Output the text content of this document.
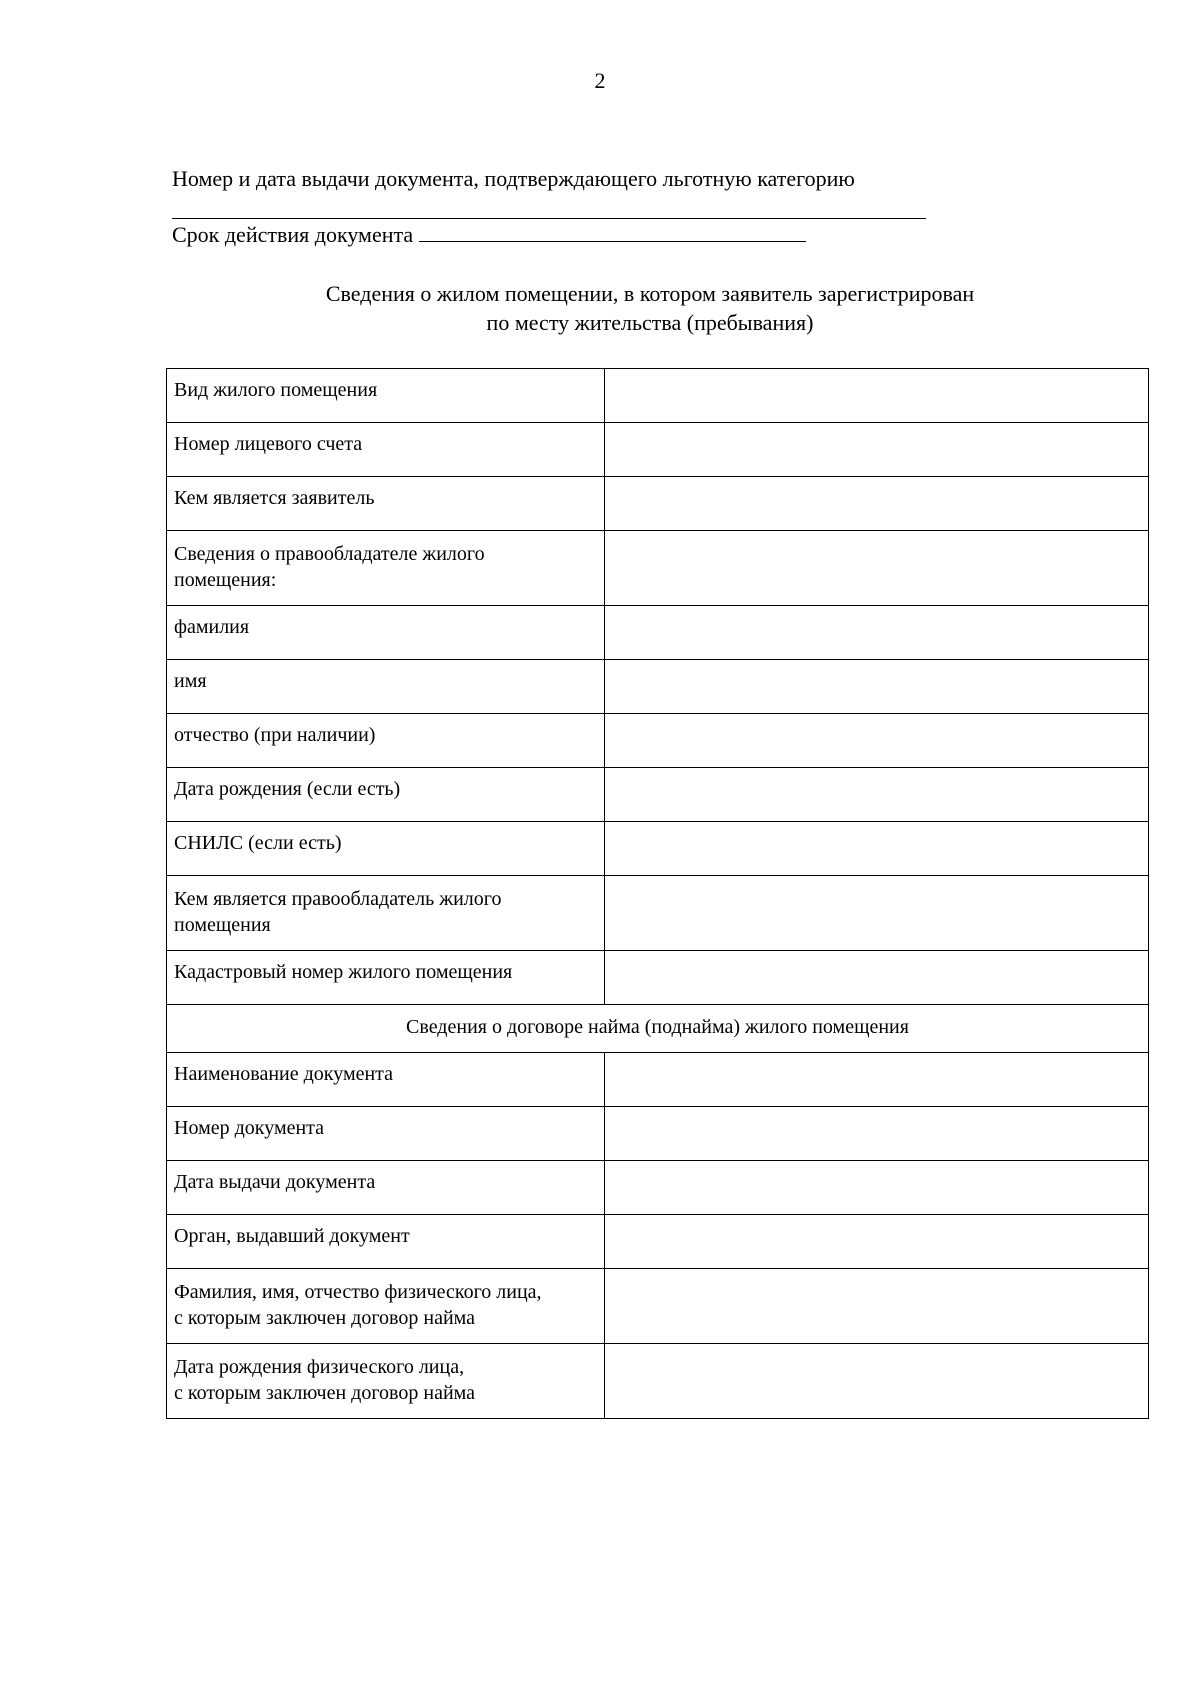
2
Номер и дата выдачи документа, подтверждающего льготную категорию
Срок действия документа
Сведения о жилом помещении, в котором заявитель зарегистрирован
по месту жительства (пребывания)
Вид жилого помещения	
Номер лицевого счета	
Кем является заявитель	

Сведения о правообладателе жилого
помещения:	

фамилия	
имя	
отчество (при наличии)	
Дата рождения (если есть)	
СНИЛС (если есть)	

Кем является правообладатель жилого
помещения	

Кадастровый номер жилого помещения	
Сведения о договоре найма (поднайма) жилого помещения	
Наименование документа	
Номер документа	
Дата выдачи документа	
Орган, выдавший документ	

Фамилия, имя, отчество физического лица,
с которым заключен договор найма	

Дата рождения физического лица,
с которым заключен договор найма	
